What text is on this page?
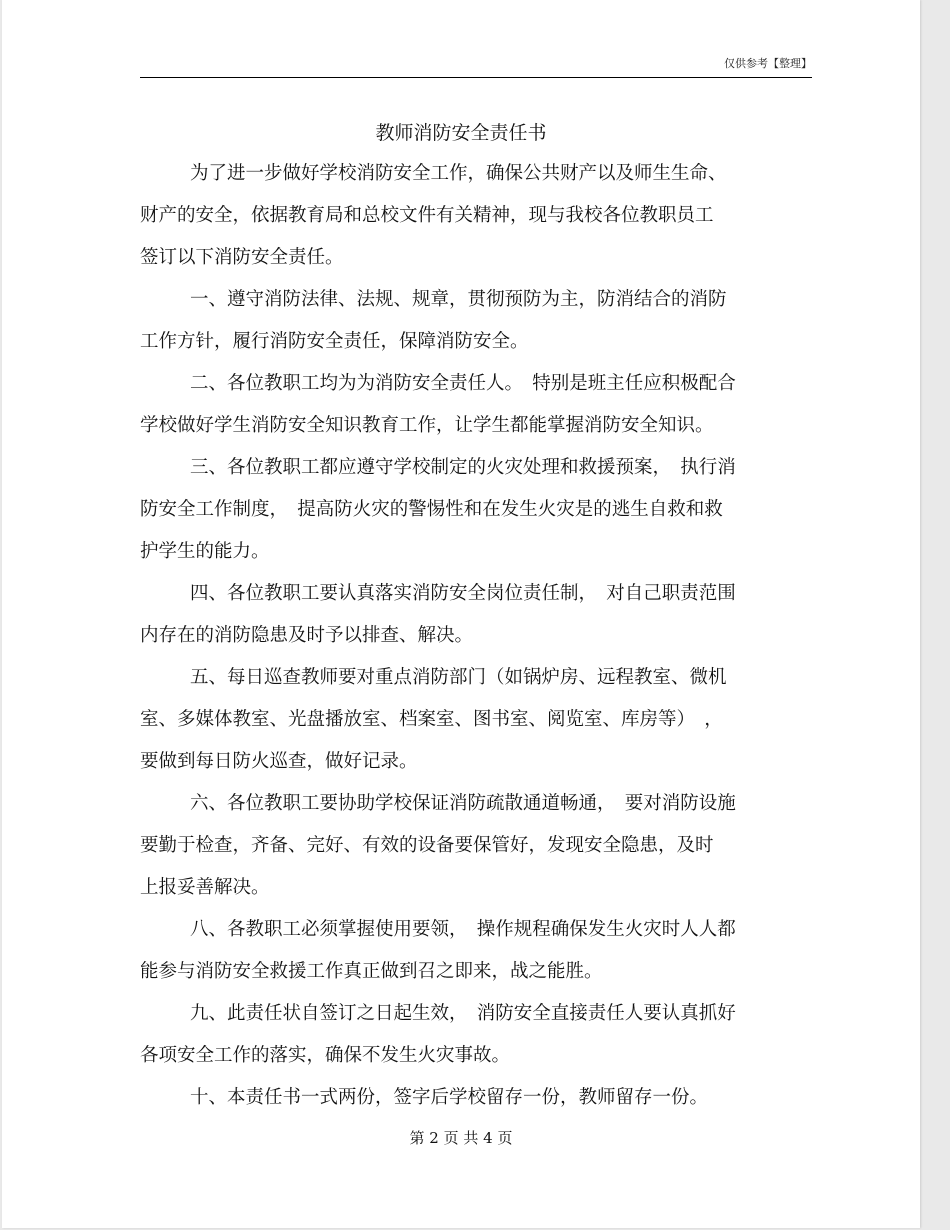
仅供参考【整理】
教师消防安全责任书

为了进一步做好学校消防安全工作，确保公共财产以及师生生命、
财产的安全，依据教育局和总校文件有关精神，现与我校各位教职员工
签订以下消防安全责任。

一、遵守消防法律、法规、规章，贯彻预防为主，防消结合的消防
工作方针，履行消防安全责任，保障消防安全。

二、各位教职工均为为消防安全责任人。　特别是班主任应积极配合
学校做好学生消防安全知识教育工作，让学生都能掌握消防安全知识。

三、各位教职工都应遵守学校制定的火灾处理和救援预案，　执行消
防安全工作制度，　提高防火灾的警惕性和在发生火灾是的逃生自救和救
护学生的能力。

四、各位教职工要认真落实消防安全岗位责任制，　对自己职责范围
内存在的消防隐患及时予以排查、解决。

五、每日巡查教师要对重点消防部门（如锅炉房、远程教室、微机
室、多媒体教室、光盘播放室、档案室、图书室、阅览室、库房等）　，
要做到每日防火巡查，做好记录。

六、各位教职工要协助学校保证消防疏散通道畅通，　要对消防设施
要勤于检查，齐备、完好、有效的设备要保管好，发现安全隐患，及时
上报妥善解决。

八、各教职工必须掌握使用要领，　操作规程确保发生火灾时人人都
能参与消防安全救援工作真正做到召之即来，战之能胜。

九、此责任状自签订之日起生效，　消防安全直接责任人要认真抓好
各项安全工作的落实，确保不发生火灾事故。

十、本责任书一式两份，签字后学校留存一份，教师留存一份。

第 2 页 共 4 页
